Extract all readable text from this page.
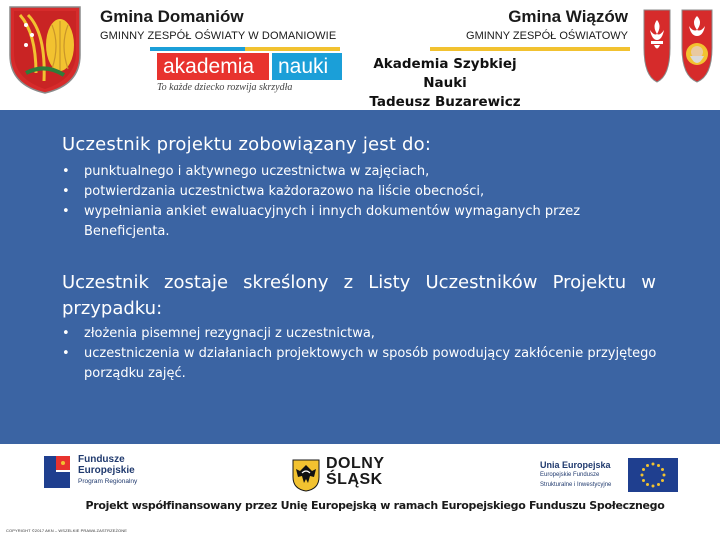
Gmina Domaniów
GMINNY ZESPÓŁ OŚWIATY W DOMANIOWIE
Gmina Wiązów
GMINNY ZESPÓŁ OŚWIATOWY
akademia	nauki
To każde dziecko rozwija skrzydła
Akademia Szybkiej Nauki
Tadeusz Buzarewicz
Uczestnik projektu zobowiązany jest do:
• punktualnego i aktywnego uczestnictwa w zajęciach,
• potwierdzania uczestnictwa każdorazowo na liście obecności,
• wypełniania ankiet ewaluacyjnych i innych dokumentów wymaganych przez Beneficjenta.
Uczestnik zostaje skreślony z Listy Uczestników Projektu w przypadku:
• złożenia pisemnej rezygnacji z uczestnictwa,
• uczestniczenia w działaniach projektowych w sposób powodujący zakłócenie przyjętego porządku zajęć.
Fundusze
Europejskie
Program Regionalny
DOLNY
ŚLĄSK
Unia Europejska
Europejskie Fundusze
Strukturalne i Inwestycyjne
Projekt współfinansowany przez Unię Europejską w ramach Europejskiego Funduszu Społecznego
COPYRIGHT ©2017 AKN – WSZELKIE PRAWA ZASTRZEŻONE
